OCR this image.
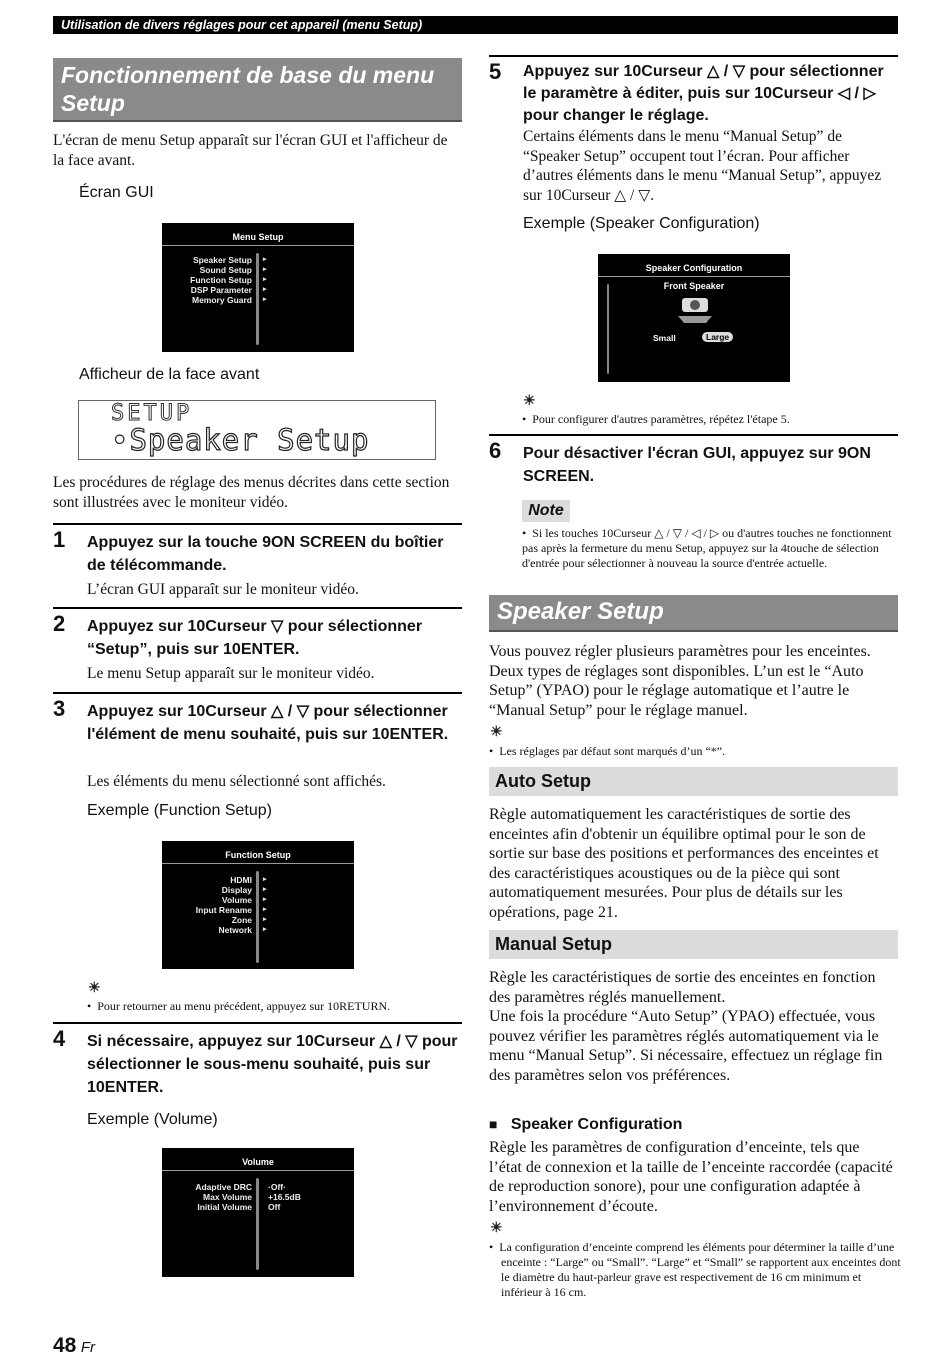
Utilisation de divers réglages pour cet appareil (menu Setup)
Fonctionnement de base du menu Setup
L'écran de menu Setup apparaît sur l'écran GUI et l'afficheur de la face avant.
Écran GUI
Menu Setup
Speaker Setup
Sound Setup
Function Setup
DSP Parameter
Memory Guard
▸
▸
▸
▸
▸
Afficheur de la face avant
SETUP
•Speaker Setup
Les procédures de réglage des menus décrites dans cette section sont illustrées avec le moniteur vidéo.
1 Appuyez sur la touche 9ON SCREEN du boîtier de télécommande.
L’écran GUI apparaît sur le moniteur vidéo.
2 Appuyez sur 10Curseur ▽ pour sélectionner “Setup”, puis sur 10ENTER.
Le menu Setup apparaît sur le moniteur vidéo.
3 Appuyez sur 10Curseur △ / ▽ pour sélectionner l'élément de menu souhaité, puis sur 10ENTER.
Les éléments du menu sélectionné sont affichés.
Exemple (Function Setup)
Function Setup
HDMI
Display
Volume
Input Rename
Zone
Network
▸
▸
▸
▸
▸
▸
☀
•  Pour retourner au menu précédent, appuyez sur 10RETURN.
4 Si nécessaire, appuyez sur 10Curseur △ / ▽ pour sélectionner le sous-menu souhaité, puis sur 10ENTER.
Exemple (Volume)
Volume
Adaptive DRC
Max Volume
Initial Volume
·Off·
+16.5dB
Off
5 Appuyez sur 10Curseur △ / ▽ pour sélectionner le paramètre à éditer, puis sur 10Curseur ◁ / ▷ pour changer le réglage.
Certains éléments dans le menu “Manual Setup” de “Speaker Setup” occupent tout l’écran. Pour afficher d’autres éléments dans le menu “Manual Setup”, appuyez sur 10Curseur △ / ▽.
Exemple (Speaker Configuration)
Speaker Configuration
Front Speaker
Small	Large
☀
•  Pour configurer d'autres paramètres, répétez l'étape 5.
6 Pour désactiver l'écran GUI, appuyez sur 9ON SCREEN.
Note
•  Si les touches 10Curseur △ / ▽ / ◁ / ▷ ou d'autres touches ne fonctionnent pas après la fermeture du menu Setup, appuyez sur la 4touche de sélection d'entrée pour sélectionner à nouveau la source d'entrée actuelle.
Speaker Setup
Vous pouvez régler plusieurs paramètres pour les enceintes. Deux types de réglages sont disponibles. L’un est le “Auto Setup” (YPAO) pour le réglage automatique et l’autre le “Manual Setup” pour le réglage manuel.
☀
•  Les réglages par défaut sont marqués d’un “*”.
Auto Setup
Règle automatiquement les caractéristiques de sortie des enceintes afin d'obtenir un équilibre optimal pour le son de sortie sur base des positions et performances des enceintes et des caractéristiques acoustiques ou de la pièce qui sont automatiquement mesurées. Pour plus de détails sur les opérations, page 21.
Manual Setup
Règle les caractéristiques de sortie des enceintes en fonction des paramètres réglés manuellement.
Une fois la procédure “Auto Setup” (YPAO) effectuée, vous pouvez vérifier les paramètres réglés automatiquement via le menu “Manual Setup”. Si nécessaire, effectuez un réglage fin des paramètres selon vos préférences.
■ Speaker Configuration
Règle les paramètres de configuration d’enceinte, tels que l’état de connexion et la taille de l’enceinte raccordée (capacité de reproduction sonore), pour une configuration adaptée à l’environnement d’écoute.
☀
•  La configuration d’enceinte comprend les éléments pour déterminer la taille d’une enceinte : “Large” ou “Small”. “Large” et “Small” se rapportent aux enceintes dont le diamètre du haut-parleur grave est respectivement de 16 cm minimum et inférieur à 16 cm.
48 Fr
